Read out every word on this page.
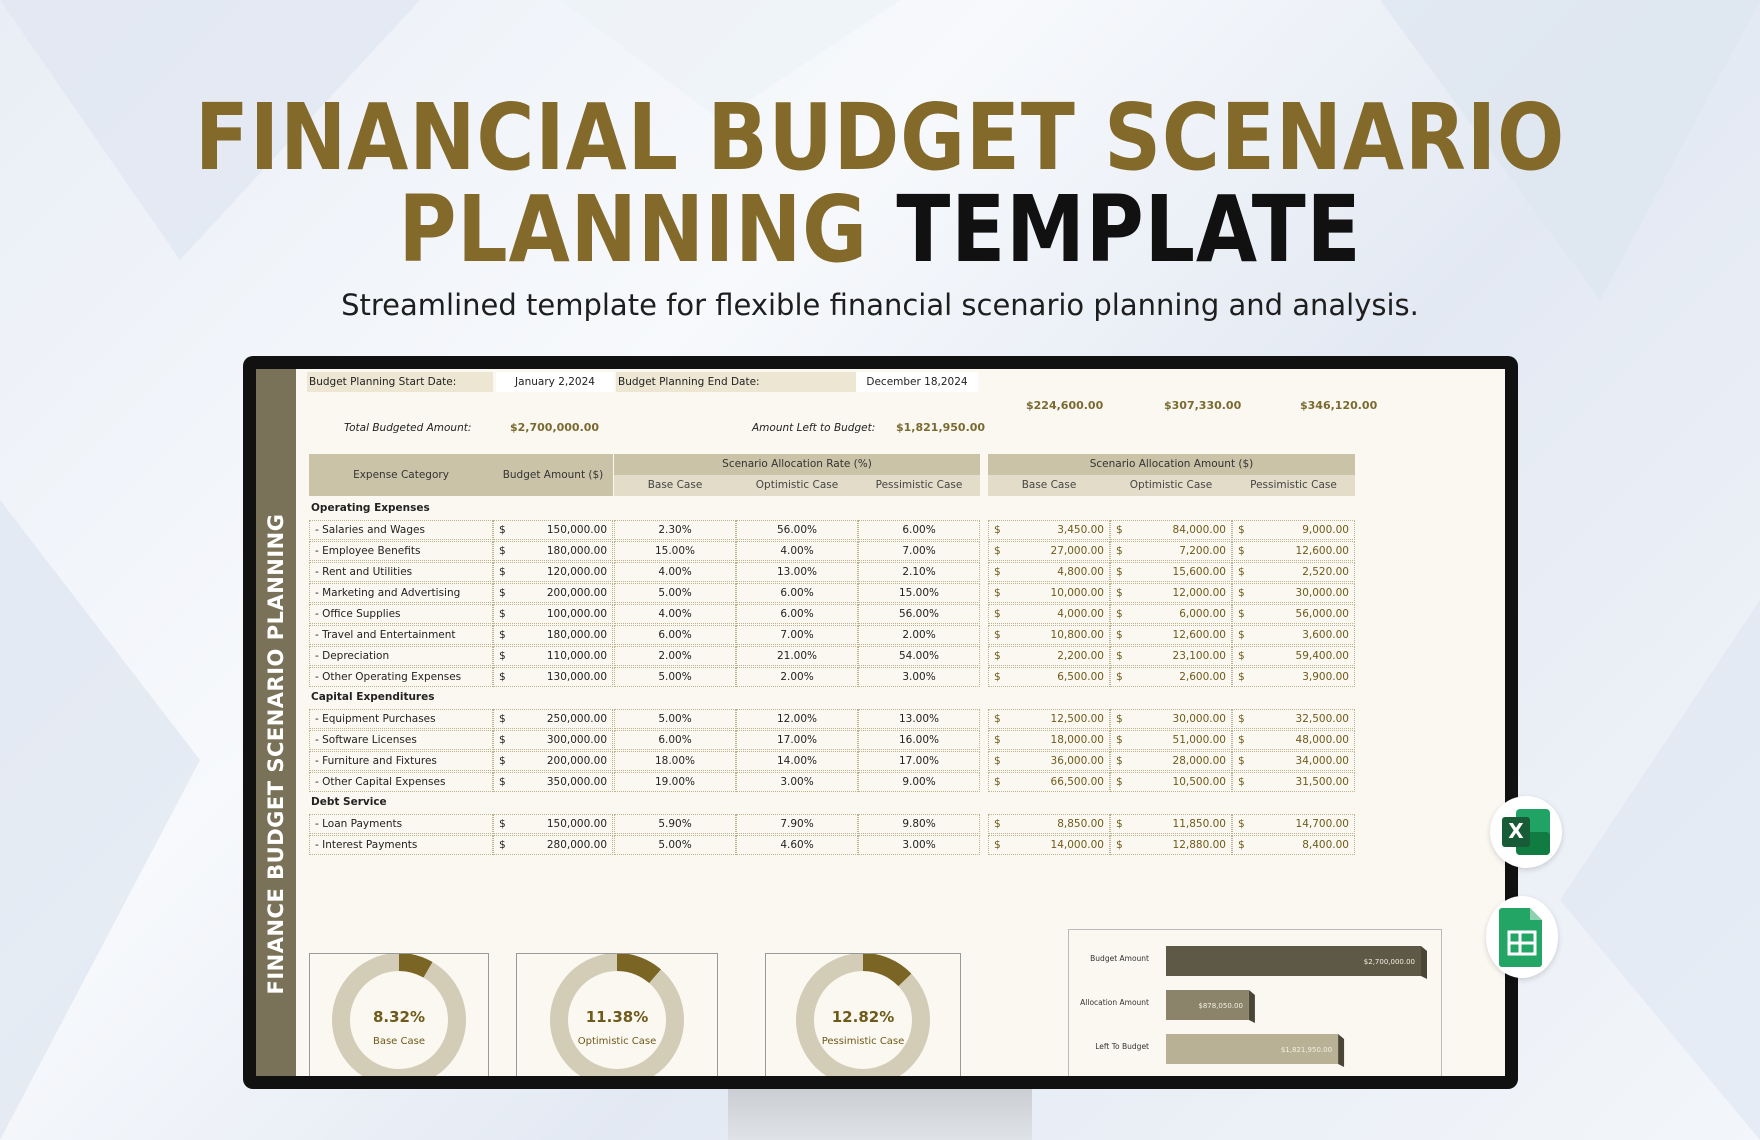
FINANCIAL BUDGET SCENARIO
PLANNING TEMPLATE
Streamlined template for flexible financial scenario planning and analysis.
FINANCE BUDGET SCENARIO PLANNING
Budget Planning Start Date:	January 2,2024	Budget Planning End Date:	December 18,2024
Total Budgeted Amount:	$2,700,000.00	Amount Left to Budget: $1,821,950.00
$224,600.00	$307,330.00	$346,120.00
Expense Category	Budget Amount ($)
Scenario Allocation Rate (%)
Base Case	Optimistic Case	Pessimistic Case
Scenario Allocation Amount ($)
Base Case	Optimistic Case	Pessimistic Case
Operating Expenses
- Salaries and Wages	$	150,000.00	2.30%	56.00%	6.00%	$	3,450.00 $	84,000.00 $	9,000.00
- Employee Benefits	$	180,000.00	15.00%	4.00%	7.00%	$	27,000.00 $	7,200.00 $	12,600.00
- Rent and Utilities	$	120,000.00	4.00%	13.00%	2.10%	$	4,800.00 $	15,600.00 $	2,520.00
- Marketing and Advertising	$	200,000.00	5.00%	6.00%	15.00%	$	10,000.00 $	12,000.00 $	30,000.00
- Office Supplies	$	100,000.00	4.00%	6.00%	56.00%	$	4,000.00 $	6,000.00 $	56,000.00
- Travel and Entertainment	$	180,000.00	6.00%	7.00%	2.00%	$	10,800.00 $	12,600.00 $	3,600.00
- Depreciation	$	110,000.00	2.00%	21.00%	54.00%	$	2,200.00 $	23,100.00 $	59,400.00
- Other Operating Expenses	$	130,000.00	5.00%	2.00%	3.00%	$	6,500.00 $	2,600.00 $	3,900.00
Capital Expenditures
- Equipment Purchases	$	250,000.00	5.00%	12.00%	13.00%	$	12,500.00 $	30,000.00 $	32,500.00
- Software Licenses	$	300,000.00	6.00%	17.00%	16.00%	$	18,000.00 $	51,000.00 $	48,000.00
- Furniture and Fixtures	$	200,000.00	18.00%	14.00%	17.00%	$	36,000.00 $	28,000.00 $	34,000.00
- Other Capital Expenses	$	350,000.00	19.00%	3.00%	9.00%	$	66,500.00 $	10,500.00 $	31,500.00
Debt Service
- Loan Payments	$	150,000.00	5.90%	7.90%	9.80%	$	8,850.00 $	11,850.00 $	14,700.00
- Interest Payments	$	280,000.00	5.00%	4.60%	3.00%	$	14,000.00 $	12,880.00 $	8,400.00
8.32%
Base Case
11.38%
Optimistic Case
12.82%
Pessimistic Case
Budget Amount	$2,700,000.00
Allocation Amount	$878,050.00
Left To Budget	$1,821,950.00
X
